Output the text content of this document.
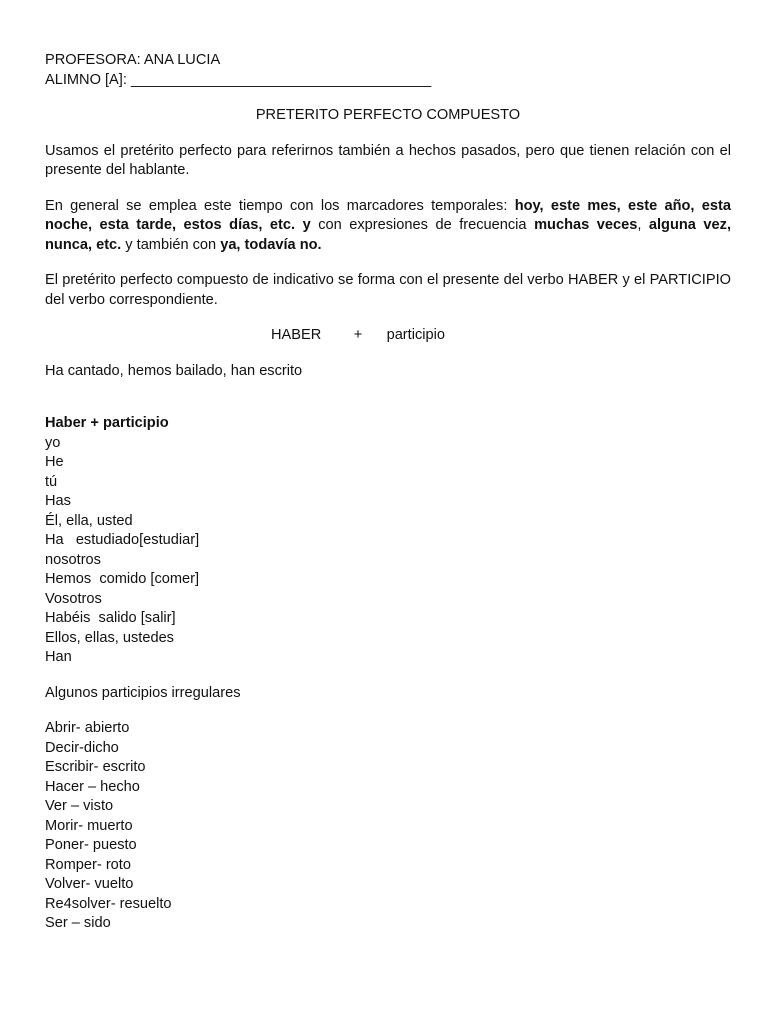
PROFESORA: ANA LUCIA
ALIMNO [A]: _____________________________________
PRETERITO PERFECTO COMPUESTO
Usamos el pretérito perfecto para referirnos también a hechos pasados, pero que tienen relación con el presente del hablante.
En general se emplea este tiempo con los marcadores temporales: hoy, este mes, este año, esta noche, esta tarde, estos días, etc. y con expresiones de frecuencia muchas veces, alguna vez, nunca, etc. y también con ya, todavía no.
El pretérito perfecto compuesto de indicativo se forma con el presente del verbo HABER y el PARTICIPIO del verbo correspondiente.
HABER + participio
Ha cantado, hemos bailado, han escrito
Haber + participio
yo
He
tú
Has
Él, ella, usted
Ha   estudiado[estudiar]
nosotros
Hemos  comido [comer]
Vosotros
Habéis  salido [salir]
Ellos, ellas, ustedes
Han
Algunos participios irregulares
Abrir- abierto
Decir-dicho
Escribir- escrito
Hacer – hecho
Ver – visto
Morir- muerto
Poner- puesto
Romper- roto
Volver- vuelto
Re4solver- resuelto
Ser – sido
